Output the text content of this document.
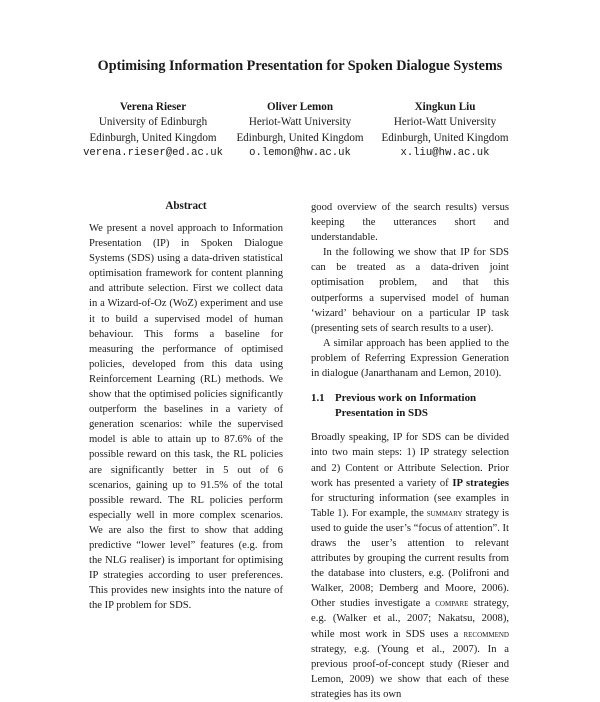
Optimising Information Presentation for Spoken Dialogue Systems
Verena Rieser
University of Edinburgh
Edinburgh, United Kingdom
verena.rieser@ed.ac.uk
Oliver Lemon
Heriot-Watt University
Edinburgh, United Kingdom
o.lemon@hw.ac.uk
Xingkun Liu
Heriot-Watt University
Edinburgh, United Kingdom
x.liu@hw.ac.uk
Abstract

We present a novel approach to Information Presentation (IP) in Spoken Dialogue Systems (SDS) using a data-driven statistical optimisation framework for content planning and attribute selection. First we collect data in a Wizard-of-Oz (WoZ) experiment and use it to build a supervised model of human behaviour. This forms a baseline for measuring the performance of optimised policies, developed from this data using Reinforcement Learning (RL) methods. We show that the optimised policies significantly outperform the baselines in a variety of generation scenarios: while the supervised model is able to attain up to 87.6% of the possible reward on this task, the RL policies are significantly better in 5 out of 6 scenarios, gaining up to 91.5% of the total possible reward. The RL policies perform especially well in more complex scenarios. We are also the first to show that adding predictive “lower level” features (e.g. from the NLG realiser) is important for optimising IP strategies according to user preferences. This provides new insights into the nature of the IP problem for SDS.

good overview of the search results) versus keeping the utterances short and understandable.

In the following we show that IP for SDS can be treated as a data-driven joint optimisation problem, and that this outperforms a supervised model of human ‘wizard’ behaviour on a particular IP task (presenting sets of search results to a user).

A similar approach has been applied to the problem of Referring Expression Generation in dialogue (Janarthanam and Lemon, 2010).

1.1 Previous work on Information Presentation in SDS

Broadly speaking, IP for SDS can be divided into two main steps: 1) IP strategy selection and 2) Content or Attribute Selection. Prior work has presented a variety of IP strategies for structuring information (see examples in Table 1). For example, the summary strategy is used to guide the user’s “focus of attention”. It draws the user’s attention to relevant attributes by grouping the current results from the database into clusters, e.g. (Polifroni and Walker, 2008; Demberg and Moore, 2006). Other studies investigate a compare strategy, e.g. (Walker et al., 2007; Nakatsu, 2008), while most work in SDS uses a recommend strategy, e.g. (Young et al., 2007). In a previous proof-of-concept study (Rieser and Lemon, 2009) we show that each of these strategies has its own
